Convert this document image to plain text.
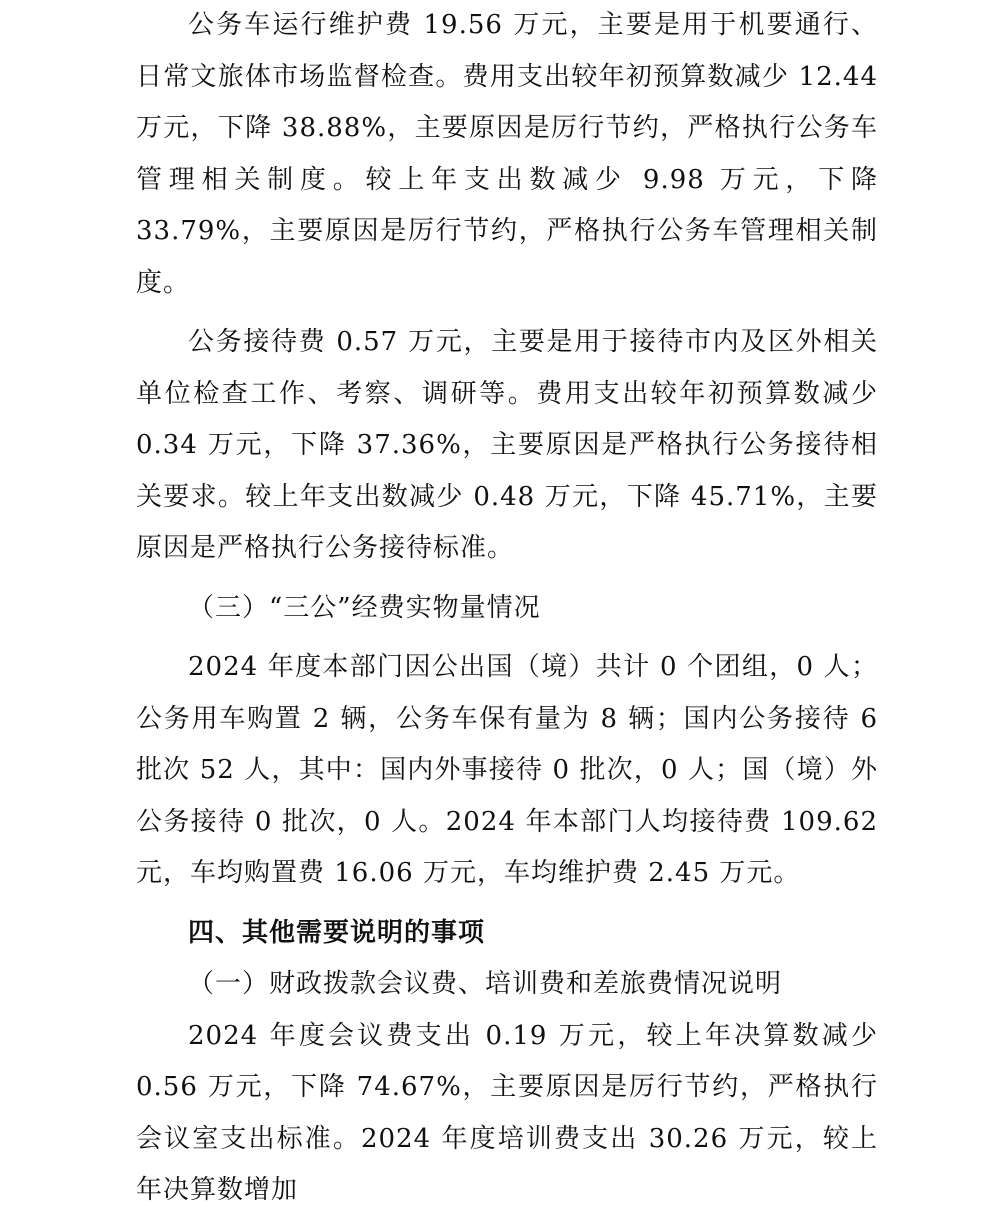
公务车运行维护费 19.56 万元，主要是用于机要通行、日常文旅体市场监督检查。费用支出较年初预算数减少 12.44 万元，下降 38.88%，主要原因是厉行节约，严格执行公务车管理相关制度。较上年支出数减少 9.98 万元，下降 33.79%，主要原因是厉行节约，严格执行公务车管理相关制度。

公务接待费 0.57 万元，主要是用于接待市内及区外相关单位检查工作、考察、调研等。费用支出较年初预算数减少 0.34 万元，下降 37.36%，主要原因是严格执行公务接待相关要求。较上年支出数减少 0.48 万元，下降 45.71%，主要原因是严格执行公务接待标准。

（三）“三公”经费实物量情况

2024 年度本部门因公出国（境）共计 0 个团组，0 人；公务用车购置 2 辆，公务车保有量为 8 辆；国内公务接待 6 批次 52 人，其中：国内外事接待 0 批次，0 人；国（境）外公务接待 0 批次，0 人。2024 年本部门人均接待费 109.62 元，车均购置费 16.06 万元，车均维护费 2.45 万元。

四、其他需要说明的事项

（一）财政拨款会议费、培训费和差旅费情况说明

2024 年度会议费支出 0.19 万元，较上年决算数减少 0.56 万元，下降 74.67%，主要原因是厉行节约，严格执行会议室支出标准。2024 年度培训费支出 30.26 万元，较上年决算数增加
